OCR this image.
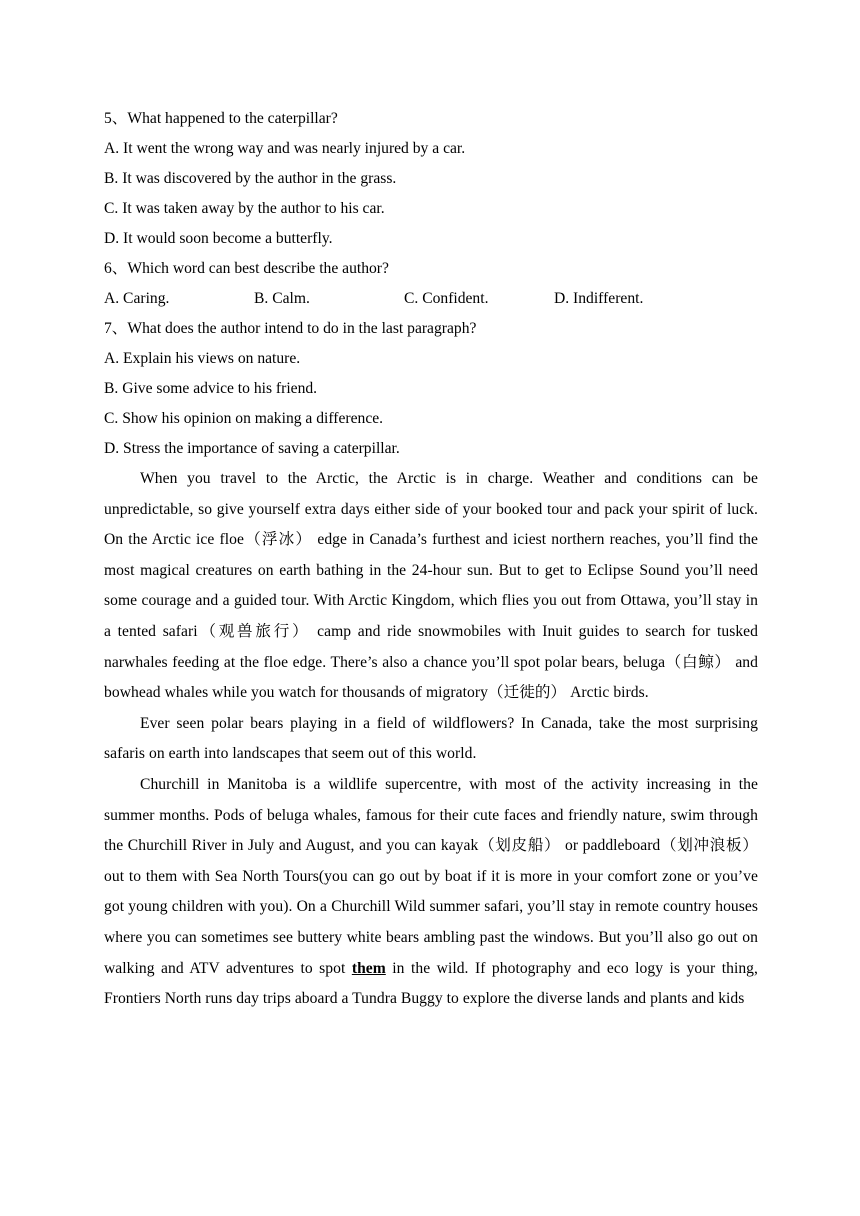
5、What happened to the caterpillar?
A. It went the wrong way and was nearly injured by a car.
B. It was discovered by the author in the grass.
C. It was taken away by the author to his car.
D. It would soon become a butterfly.
6、Which word can best describe the author?
A. Caring.	B. Calm.	C. Confident.	D. Indifferent.
7、What does the author intend to do in the last paragraph?
A. Explain his views on nature.
B. Give some advice to his friend.
C. Show his opinion on making a difference.
D. Stress the importance of saving a caterpillar.

When you travel to the Arctic, the Arctic is in charge. Weather and conditions can be unpredictable, so give yourself extra days either side of your booked tour and pack your spirit of luck. On the Arctic ice floe（浮冰） edge in Canada’s furthest and iciest northern reaches, you’ll find the most magical creatures on earth bathing in the 24-hour sun. But to get to Eclipse Sound you’ll need some courage and a guided tour. With Arctic Kingdom, which flies you out from Ottawa, you’ll stay in a tented safari（观兽旅行） camp and ride snowmobiles with Inuit guides to search for tusked narwhales feeding at the floe edge. There’s also a chance you’ll spot polar bears, beluga（白鲸） and bowhead whales while you watch for thousands of migratory（迁徙的） Arctic birds.

Ever seen polar bears playing in a field of wildflowers? In Canada, take the most surprising safaris on earth into landscapes that seem out of this world.

Churchill in Manitoba is a wildlife supercentre, with most of the activity increasing in the summer months. Pods of beluga whales, famous for their cute faces and friendly nature, swim through the Churchill River in July and August, and you can kayak（划皮船） or paddleboard（划冲浪板） out to them with Sea North Tours(you can go out by boat if it is more in your comfort zone or you’ve got young children with you). On a Churchill Wild summer safari, you’ll stay in remote country houses where you can sometimes see buttery white bears ambling past the windows. But you’ll also go out on walking and ATV adventures to spot them in the wild. If photography and eco logy is your thing, Frontiers North runs day trips aboard a Tundra Buggy to explore the diverse lands and plants and kids
